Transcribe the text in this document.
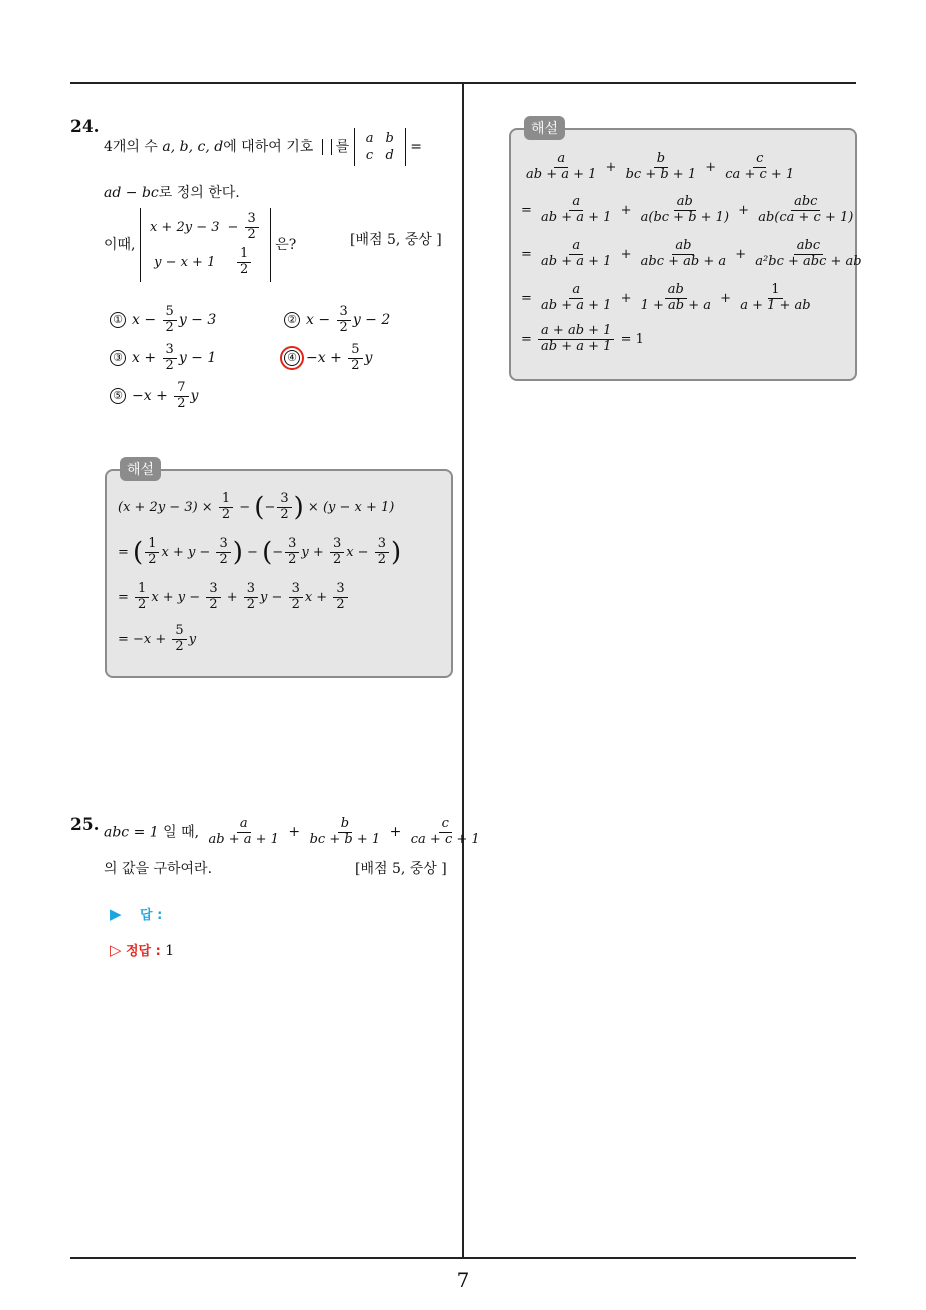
7
24.
4개의 수 a, b, c, d에 대하여 기호 를
a	b
c	d
=
ad − bc로 정의 한다.
이때,
x + 2y − 3	− $\frac{3}{2}$

y − x + 1	$\frac{1}{2}$
은?	[배점 5, 중상 ]
① $x - \frac{5}{2}$ y − 3	② $x - \frac{3}{2}$ y − 2
③ $x + \frac{3}{2}$ y − 1	④ $-x + \frac{5}{2}$ y
⑤ $-x + \frac{7}{2}$ y
해설
$(x + 2y - 3) \times \frac{1}{2}$ − (− $\frac{3}{2}$ ) × (y − x + 1)
= ( $\frac{1}{2}$ $x + y - \frac{3}{2}$ ) − (− $\frac{3}{2}$ $y + \frac{3}{2}$ $x - \frac{3}{2}$ )
= $\frac{1}{2}$ $x + y - \frac{3}{2} + \frac{3}{2}$ $y - \frac{3}{2}$ $x + \frac{3}{2}$
= $-x + \frac{5}{2}$ y
25. abc = 1 일 때, $\frac{a}{ab + a + 1} + \frac{b}{bc + b + 1} + \frac{c}{ca + c + 1}$
의 값을 구하여라.	[배점 5, 중상 ]
▶ 답 :
▷ 정답 : 1
해설
$\frac{a}{ab + a + 1} + \frac{b}{bc + b + 1} + \frac{c}{ca + c + 1}$
= $\frac{a}{ab + a + 1} + \frac{ab}{a(bc + b + 1)} + \frac{\text{abc}}{ab(ca + c + 1)}$
= $\frac{a}{ab + a + 1} + \frac{ab}{\text{abc + ab + a}} + \frac{\text{abc}}{\text{a²bc + abc + ab}}$
= $\frac{a}{ab + a + 1} + \frac{ab}{1 + ab + a} + \frac{1}{a + 1 + ab}$
= $\frac{a + ab + 1}{ab + a + 1} = 1$
